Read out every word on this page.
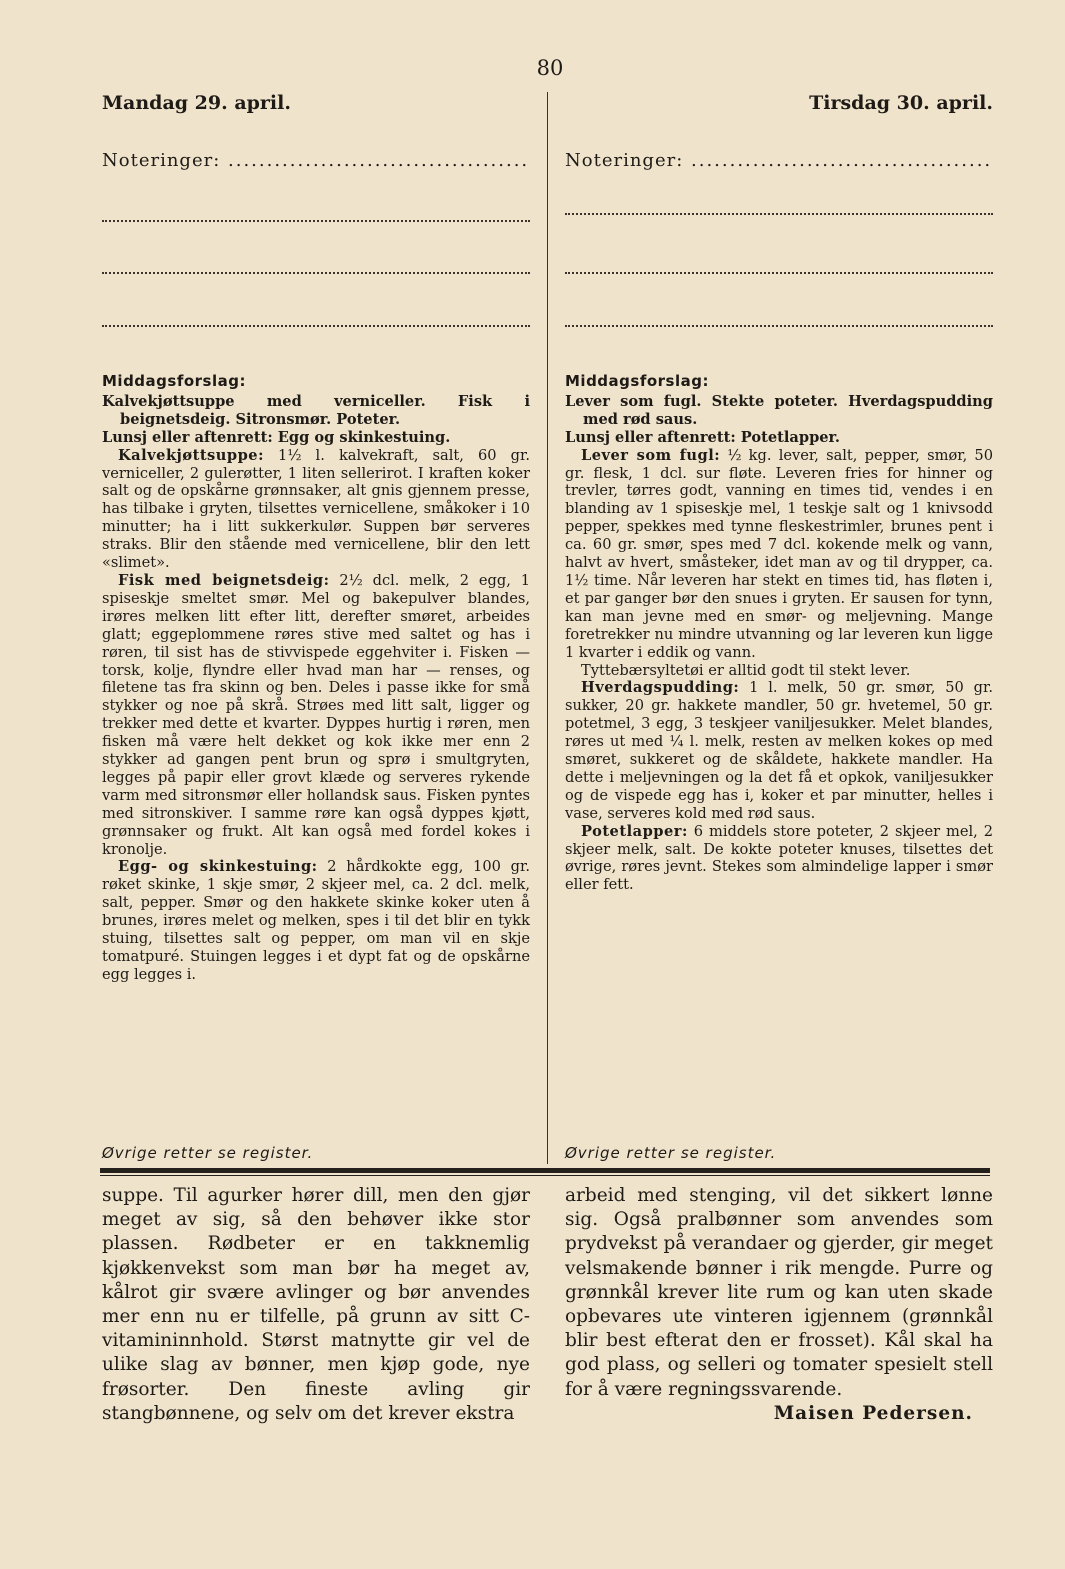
80
Mandag 29. april.	Tirsdag 30. april.
Noteringer: .....	Noteringer: .....

Middagsforslag:

Kalvekjøttsuppe med verniceller. Fisk i beignetsdeig. Sitronsmør. Poteter.

Lunsj eller aftenrett: Egg og skinkestuing.

Kalvekjøttsuppe: 1½ l. kalvekraft, salt, 60 gr. verniceller, 2 gulerøtter, 1 liten sellerirot. I kraften koker salt og de opskårne grønnsaker, alt gnis gjennem presse, has tilbake i gryten, tilsettes vernicellene, småkoker i 10 minutter; ha i litt sukkerkulør. Suppen bør serveres straks. Blir den stående med vernicellene, blir den lett «slimet».

Fisk med beignetsdeig: 2½ dcl. melk, 2 egg, 1 spiseskje smeltet smør. Mel og bakepulver blandes, irøres melken litt efter litt, derefter smøret, arbeides glatt; eggeplommene røres stive med saltet og has i røren, til sist has de stivvispede eggehviter i. Fisken — torsk, kolje, flyndre eller hvad man har — renses, og filetene tas fra skinn og ben. Deles i passe ikke for små stykker og noe på skrå. Strøes med litt salt, ligger og trekker med dette et kvarter. Dyppes hurtig i røren, men fisken må være helt dekket og kok ikke mer enn 2 stykker ad gangen pent brun og sprø i smultgryten, legges på papir eller grovt klæde og serveres rykende varm med sitronsmør eller hollandsk saus. Fisken pyntes med sitronskiver. I samme røre kan også dyppes kjøtt, grønnsaker og frukt. Alt kan også med fordel kokes i kronolje.

Egg- og skinkestuing: 2 hårdkokte egg, 100 gr. røket skinke, 1 skje smør, 2 skjeer mel, ca. 2 dcl. melk, salt, pepper. Smør og den hakkete skinke koker uten å brunes, irøres melet og melken, spes i til det blir en tykk stuing, tilsettes salt og pepper, om man vil en skje tomatpuré. Stuingen legges i et dypt fat og de opskårne egg legges i.

Øvrige retter se register.

Middagsforslag:

Lever som fugl. Stekte poteter. Hverdagspudding med rød saus.

Lunsj eller aftenrett: Potetlapper.

Lever som fugl: ½ kg. lever, salt, pepper, smør, 50 gr. flesk, 1 dcl. sur fløte. Leveren fries for hinner og trevler, tørres godt, vanning en times tid, vendes i en blanding av 1 spiseskje mel, 1 teskje salt og 1 knivsodd pepper, spekkes med tynne fleskestrimler, brunes pent i ca. 60 gr. smør, spes med 7 dcl. kokende melk og vann, halvt av hvert, småsteker, idet man av og til drypper, ca. 1½ time. Når leveren har stekt en times tid, has fløten i, et par ganger bør den snues i gryten. Er sausen for tynn, kan man jevne med en smør- og meljevning. Mange foretrekker nu mindre utvanning og lar leveren kun ligge 1 kvarter i eddik og vann.

Tyttebærsyltetøi er alltid godt til stekt lever.

Hverdagspudding: 1 l. melk, 50 gr. smør, 50 gr. sukker, 20 gr. hakkete mandler, 50 gr. hvetemel, 50 gr. potetmel, 3 egg, 3 teskjeer vaniljesukker. Melet blandes, røres ut med ¼ l. melk, resten av melken kokes op med smøret, sukkeret og de skåldete, hakkete mandler. Ha dette i meljevningen og la det få et opkok, vaniljesukker og de vispede egg has i, koker et par minutter, helles i vase, serveres kold med rød saus.

Potetlapper: 6 middels store poteter, 2 skjeer mel, 2 skjeer melk, salt. De kokte poteter knuses, tilsettes det øvrige, røres jevnt. Stekes som almindelige lapper i smør eller fett.

Øvrige retter se register.

suppe. Til agurker hører dill, men den gjør meget av sig, så den behøver ikke stor plassen. Rødbeter er en takknemlig kjøkkenvekst som man bør ha meget av, kålrot gir svære avlinger og bør anvendes mer enn nu er tilfelle, på grunn av sitt C-vitamininnhold. Størst matnytte gir vel de ulike slag av bønner, men kjøp gode, nye frøsorter. Den fineste avling gir stangbønnene, og selv om det krever ekstra

arbeid med stenging, vil det sikkert lønne sig. Også pralbønner som anvendes som prydvekst på verandaer og gjerder, gir meget velsmakende bønner i rik mengde. Purre og grønnkål krever lite rum og kan uten skade opbevares ute vinteren igjennem (grønnkål blir best efterat den er frosset). Kål skal ha god plass, og selleri og tomater spesielt stell for å være regningssvarende.

Maisen Pedersen.
